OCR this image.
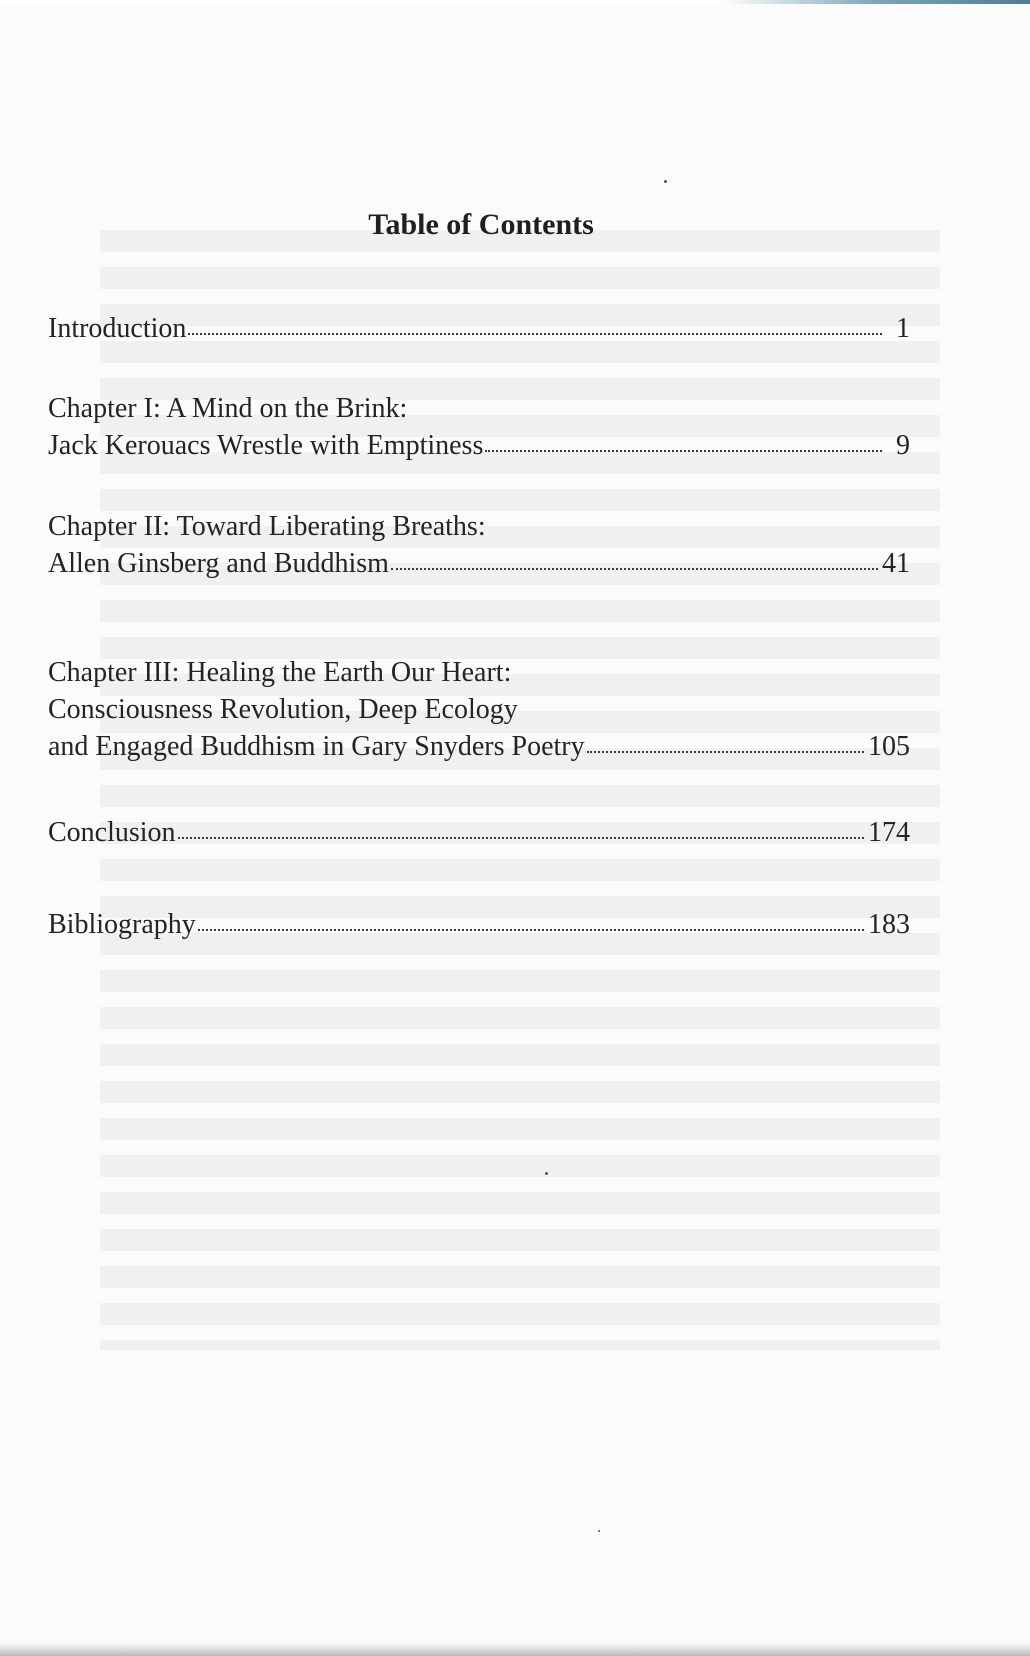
Table of Contents
Introduction	1
Chapter I: A Mind on the Brink:
Jack Kerouacs Wrestle with Emptiness	9
Chapter II: Toward Liberating Breaths:
Allen Ginsberg and Buddhism	41
Chapter III: Healing the Earth Our Heart:
Consciousness Revolution, Deep Ecology
and Engaged Buddhism in Gary Snyders Poetry	105
Conclusion	174
Bibliography	183
